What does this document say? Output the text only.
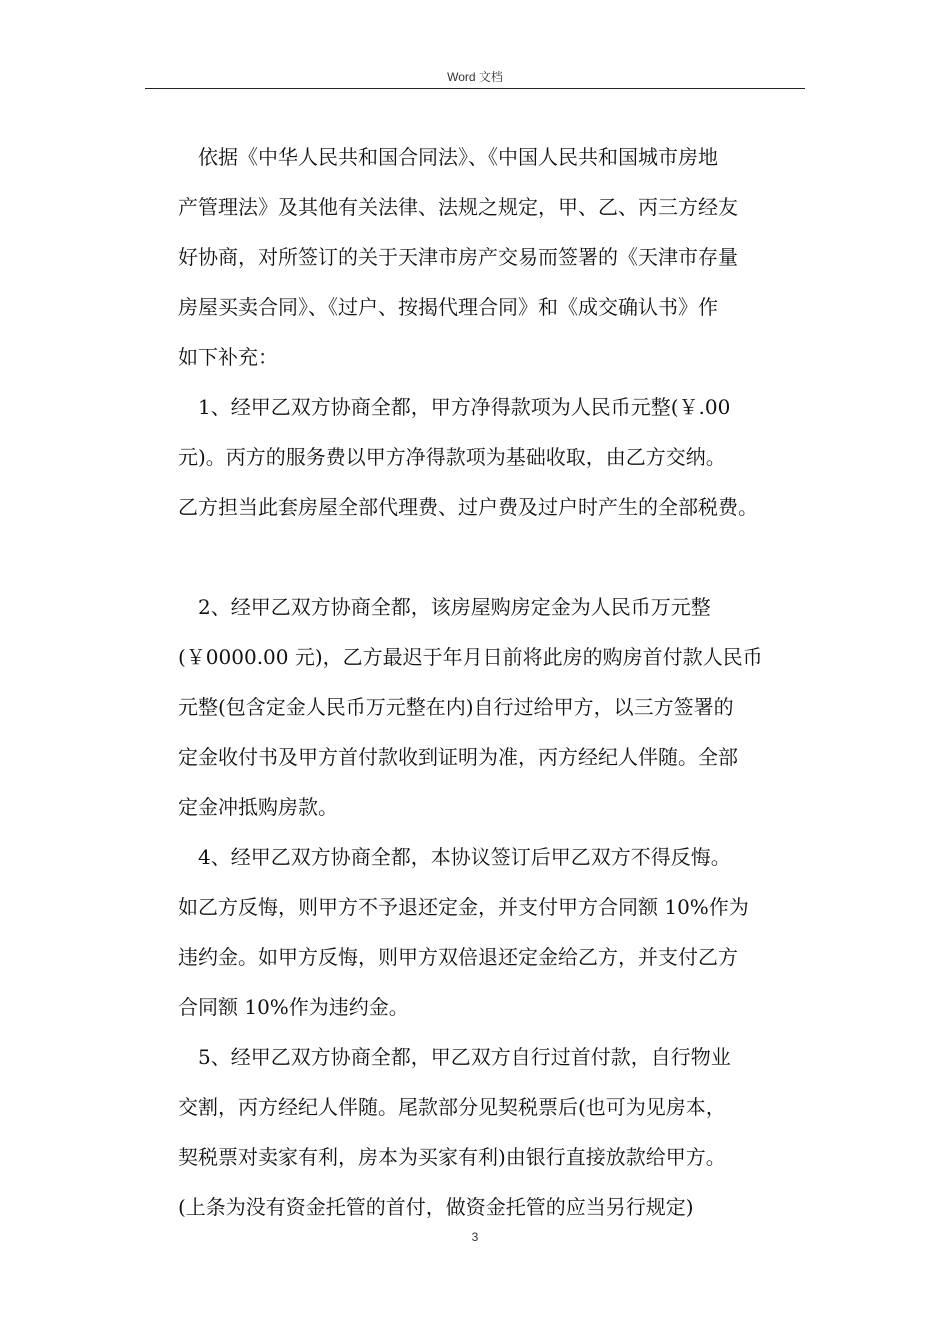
Word 文档
　依据《中华人民共和国合同法》、《中国人民共和国城市房地
产管理法》及其他有关法律、法规之规定，甲、乙、丙三方经友
好协商，对所签订的关于天津市房产交易而签署的《天津市存量
房屋买卖合同》、《过户、按揭代理合同》和《成交确认书》作
如下补充：
　1、经甲乙双方协商全都，甲方净得款项为人民币元整(￥.00
元)。丙方的服务费以甲方净得款项为基础收取，由乙方交纳。
乙方担当此套房屋全部代理费、过户费及过户时产生的全部税费。
　2、经甲乙双方协商全都，该房屋购房定金为人民币万元整
(￥0000.00 元)，乙方最迟于年月日前将此房的购房首付款人民币
元整(包含定金人民币万元整在内)自行过给甲方，以三方签署的
定金收付书及甲方首付款收到证明为准，丙方经纪人伴随。全部
定金冲抵购房款。
　4、经甲乙双方协商全都，本协议签订后甲乙双方不得反悔。
如乙方反悔，则甲方不予退还定金，并支付甲方合同额 10%作为
违约金。如甲方反悔，则甲方双倍退还定金给乙方，并支付乙方
合同额 10%作为违约金。
　5、经甲乙双方协商全都，甲乙双方自行过首付款，自行物业
交割，丙方经纪人伴随。尾款部分见契税票后(也可为见房本，
契税票对卖家有利，房本为买家有利)由银行直接放款给甲方。
(上条为没有资金托管的首付，做资金托管的应当另行规定)
3
